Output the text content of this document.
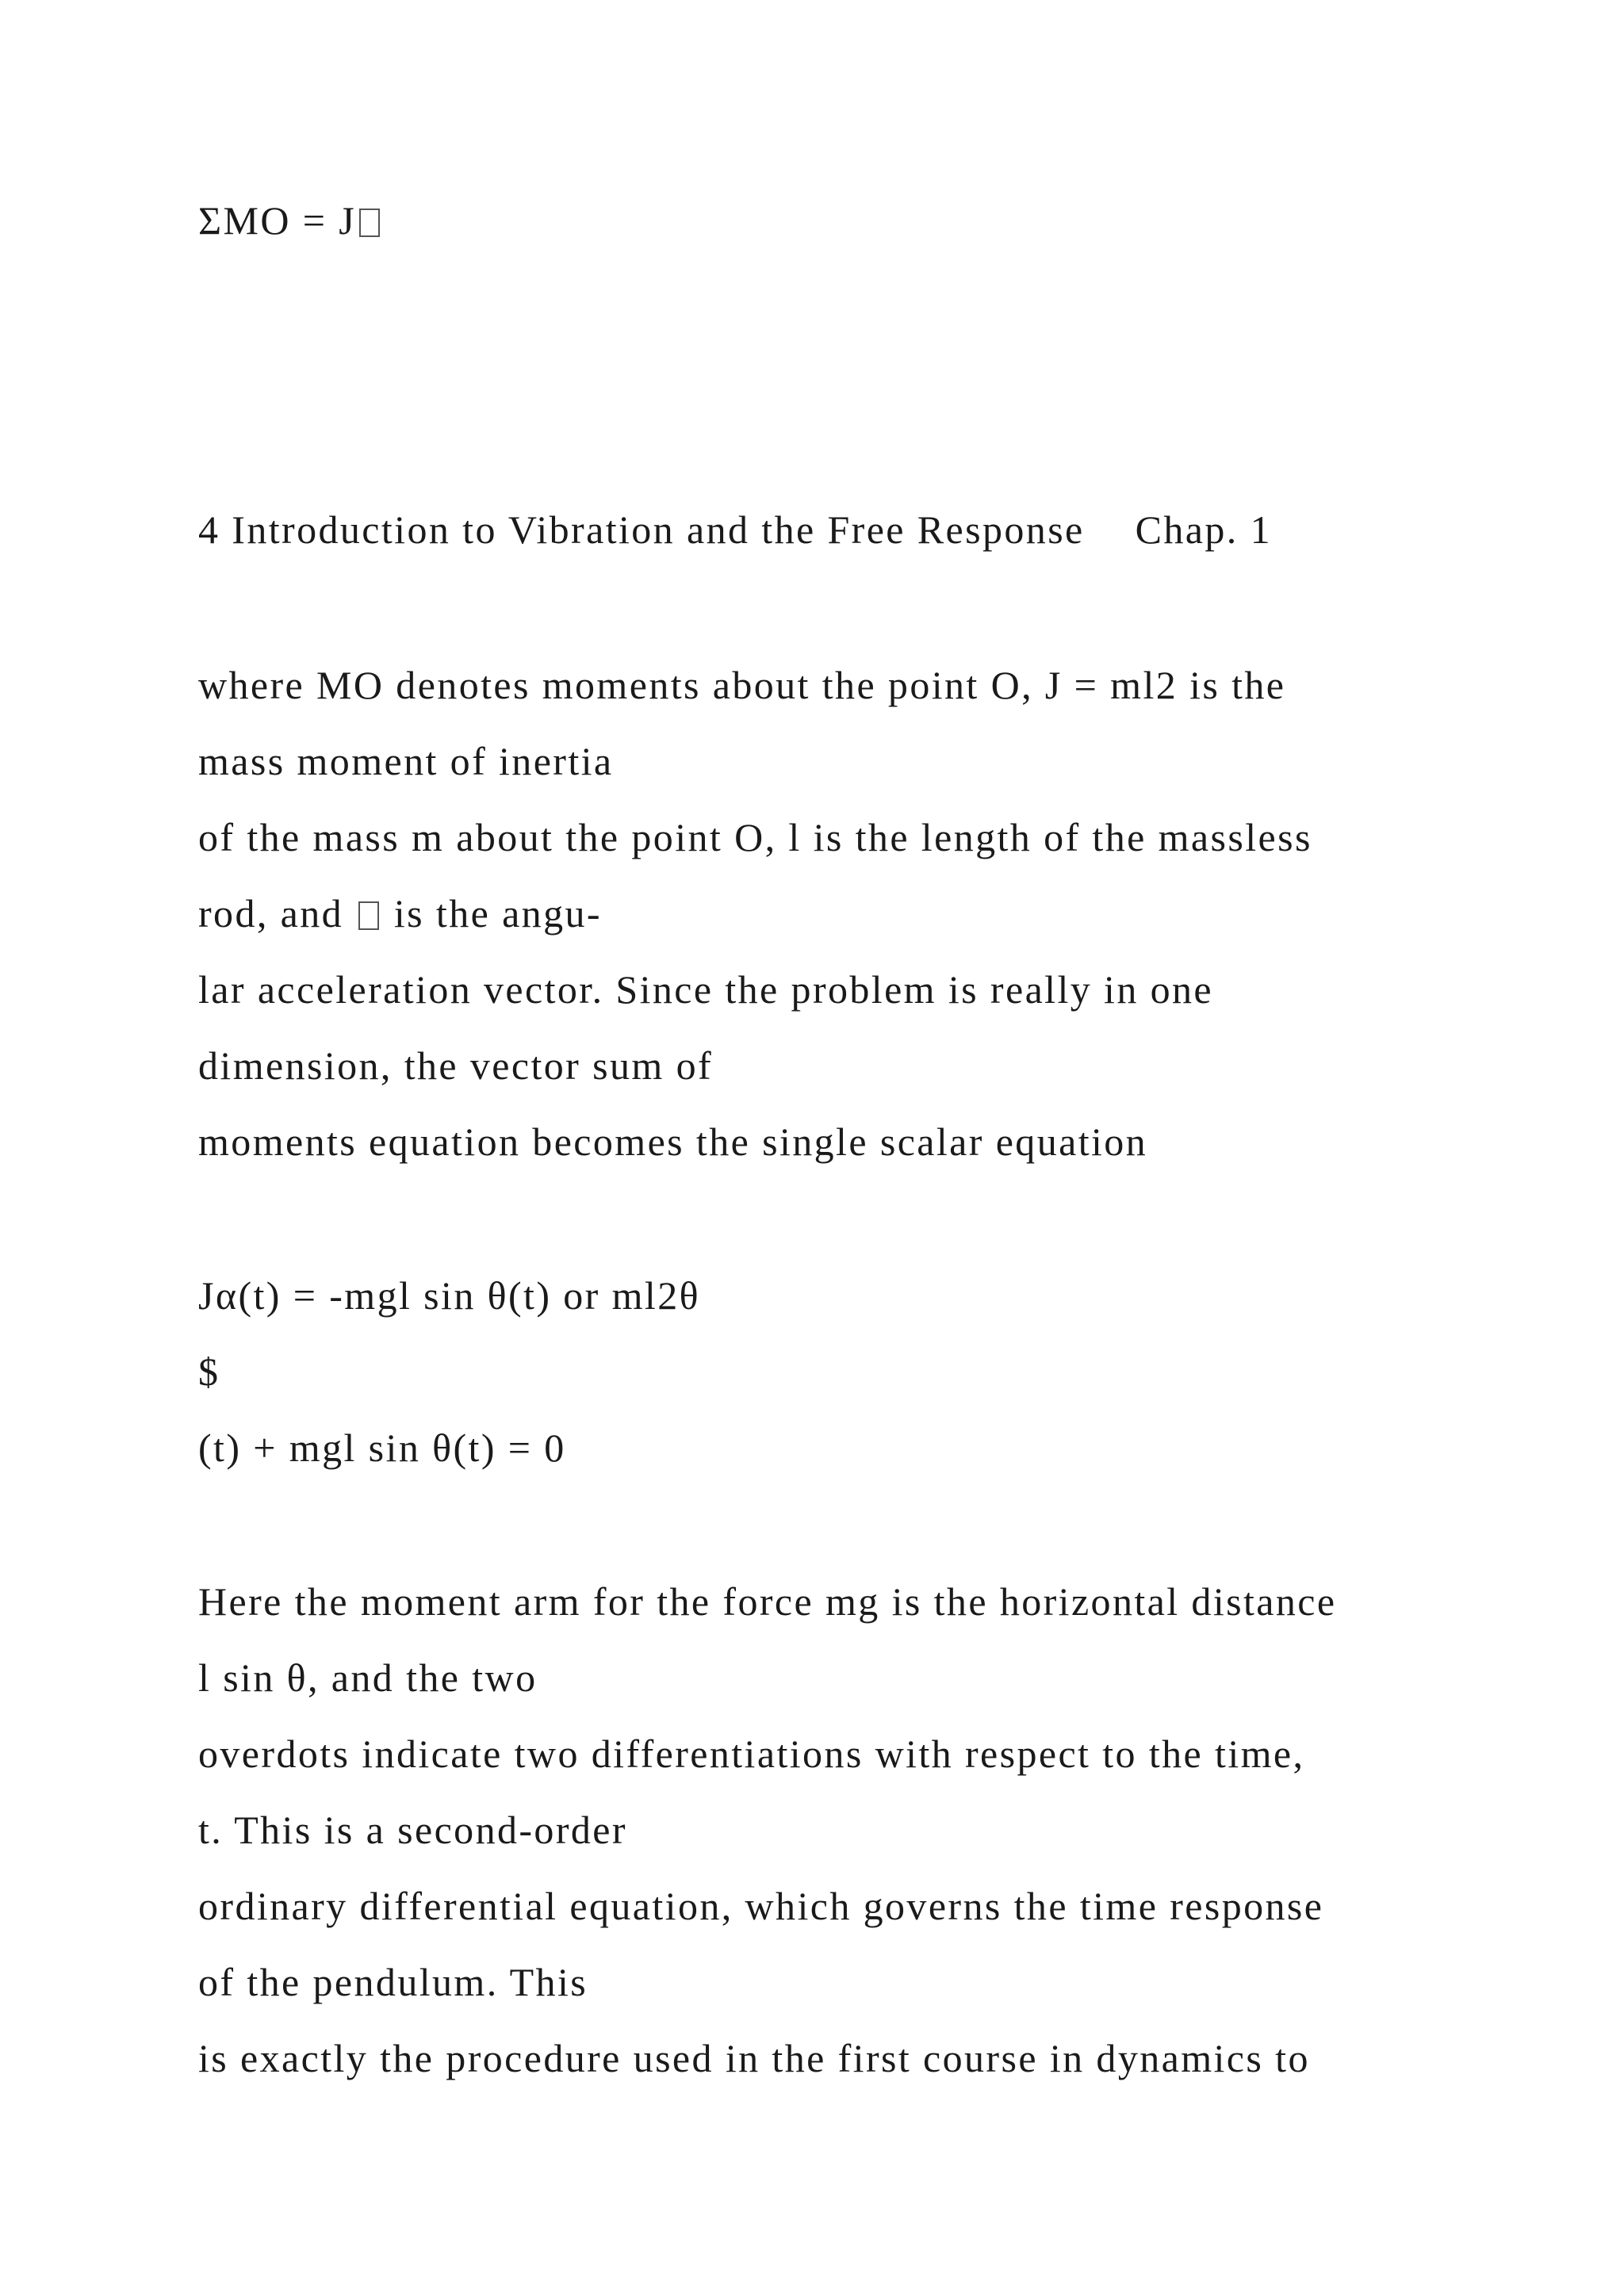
ΣMO = J
4 Introduction to Vibration and the Free Response Chap. 1
where MO denotes moments about the point O, J = ml2 is the
mass moment of inertia
of the mass m about the point O, l is the length of the massless
rod, and is the angu-
lar acceleration vector. Since the problem is really in one
dimension, the vector sum of
moments equation becomes the single scalar equation
Jα(t) = -mgl sin θ(t) or ml2θ
$
(t) + mgl sin θ(t) = 0
Here the moment arm for the force mg is the horizontal distance
l sin θ, and the two
overdots indicate two differentiations with respect to the time,
t. This is a second-order
ordinary differential equation, which governs the time response
of the pendulum. This
is exactly the procedure used in the first course in dynamics to
